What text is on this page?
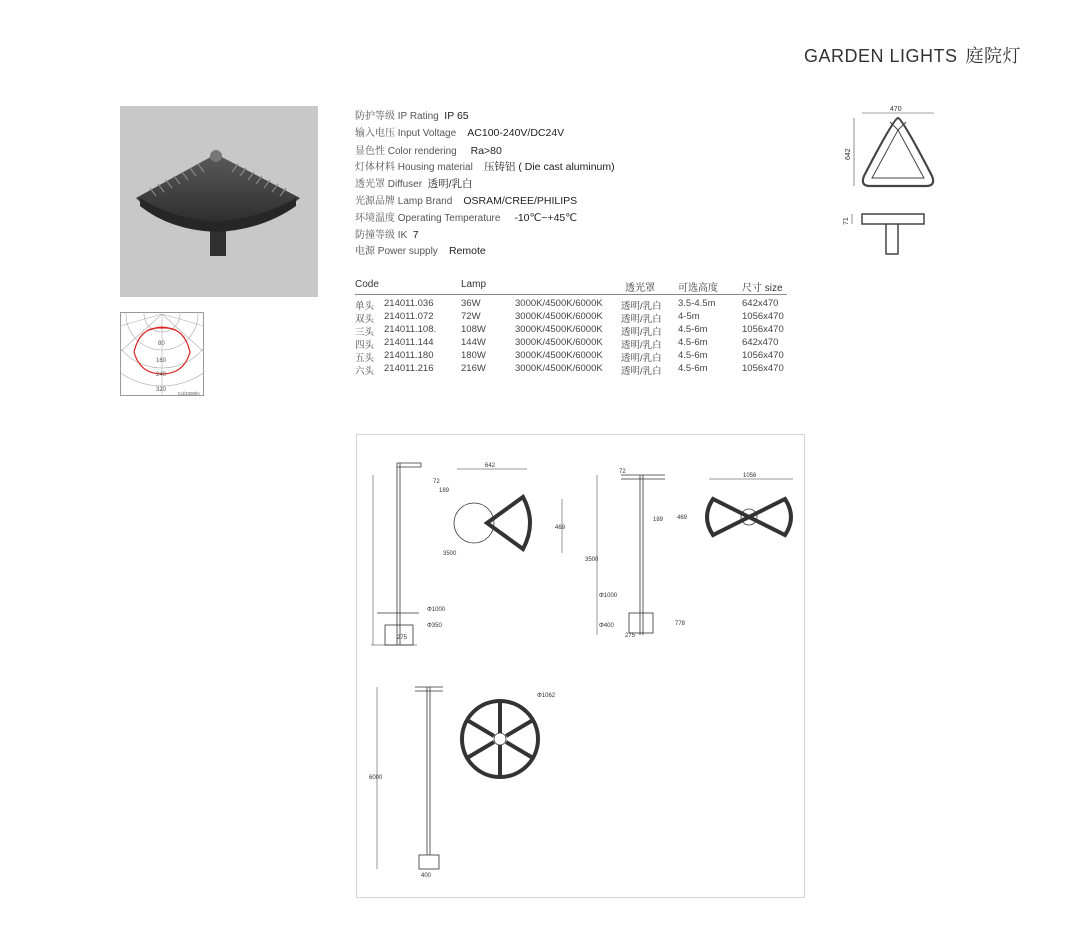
GARDEN LIGHTS 庭院灯
80
160
240
320
Cd/1000lm
防护等级 IP Rating IP 65
输入电压 Input Voltage AC100-240V/DC24V
显色性 Color rendering Ra>80
灯体材料 Housing material 压铸铝 ( Die cast aluminum)
透光罩 Diffuser 透明/乳白
光源品牌 Lamp Brand OSRAM/CREE/PHILIPS
环境温度 Operating Temperature -10℃~+45℃
防撞等级 IK 7
电源 Power supply Remote
Code	Lamp	透光罩 可选高度 尺寸 size
单头 214011.036	36W	3000K/4500K/6000K 透明/乳白 3.5-4.5m	642x470
双头 214011.072	72W	3000K/4500K/6000K 透明/乳白 4-5m	1056x470
三头 214011.108.	108W	3000K/4500K/6000K 透明/乳白 4.5-6m	1056x470
四头 214011.144	144W	3000K/4500K/6000K 透明/乳白 4.5-6m	642x470
五头 214011.180	180W	3000K/4500K/6000K 透明/乳白 4.5-6m	1056x470
六头 214011.216	216W	3000K/4500K/6000K 透明/乳白 4.5-6m	1056x470
470
642
71
189
72
3500
Φ1000
Φ350
275
642
469
72
189
3500
Φ1000
Φ400
275
778
1056
469
6000
400
Φ1062
